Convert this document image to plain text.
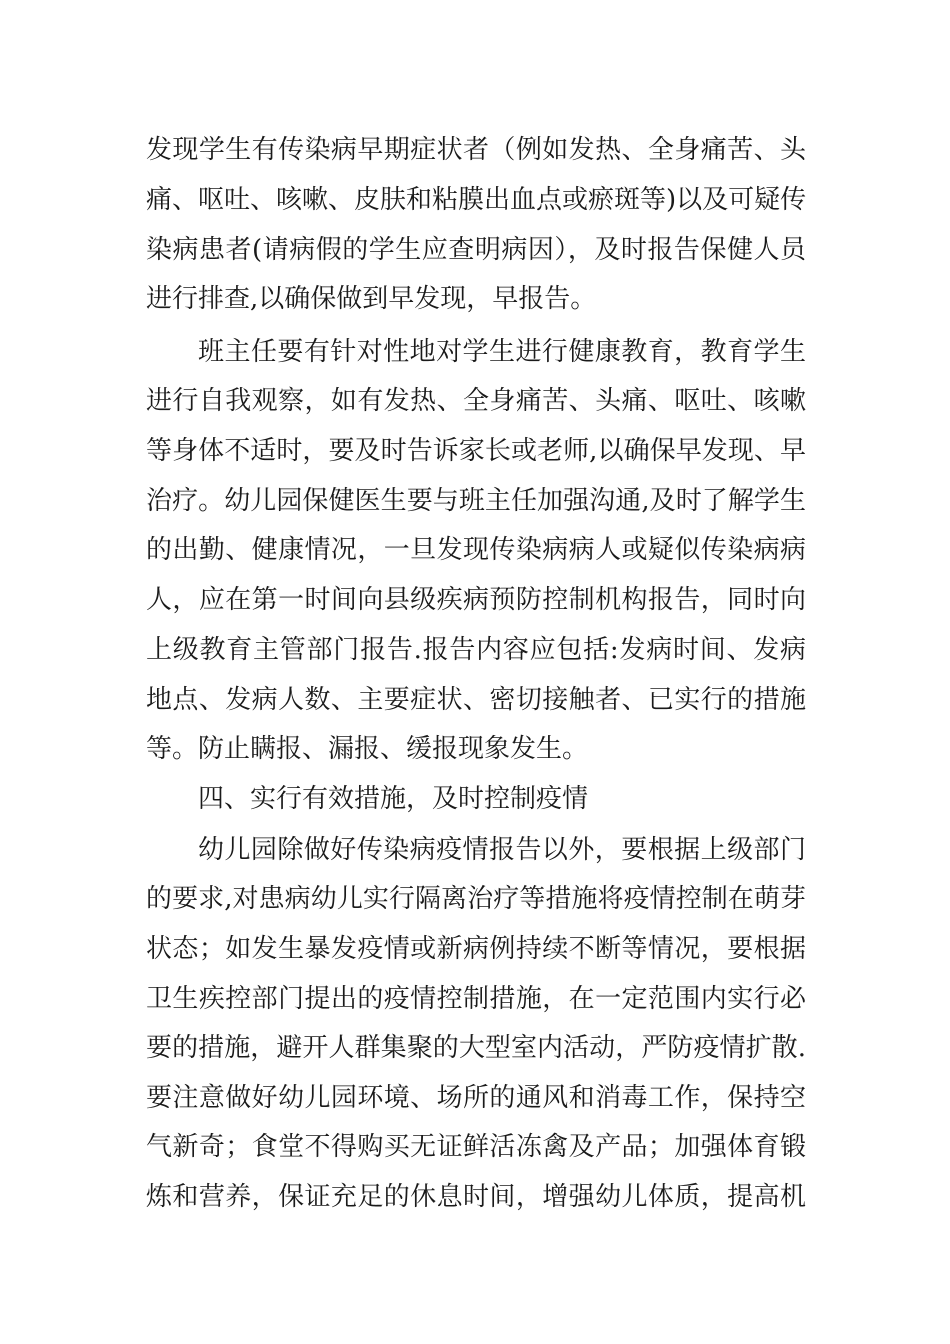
发现学生有传染病早期症状者（例如发热、全身痛苦、头
痛、呕吐、咳嗽、皮肤和粘膜出血点或瘀斑等)以及可疑传
染病患者(请病假的学生应查明病因），及时报告保健人员
进行排查,以确保做到早发现，早报告。
班主任要有针对性地对学生进行健康教育，教育学生
进行自我观察，如有发热、全身痛苦、头痛、呕吐、咳嗽
等身体不适时，要及时告诉家长或老师,以确保早发现、早
治疗。幼儿园保健医生要与班主任加强沟通,及时了解学生
的出勤、健康情况，一旦发现传染病病人或疑似传染病病
人，应在第一时间向县级疾病预防控制机构报告，同时向
上级教育主管部门报告.报告内容应包括:发病时间、发病
地点、发病人数、主要症状、密切接触者、已实行的措施
等。防止瞒报、漏报、缓报现象发生。
四、实行有效措施，及时控制疫情
幼儿园除做好传染病疫情报告以外，要根据上级部门
的要求,对患病幼儿实行隔离治疗等措施将疫情控制在萌芽
状态；如发生暴发疫情或新病例持续不断等情况，要根据
卫生疾控部门提出的疫情控制措施，在一定范围内实行必
要的措施，避开人群集聚的大型室内活动，严防疫情扩散.
要注意做好幼儿园环境、场所的通风和消毒工作，保持空
气新奇；食堂不得购买无证鲜活冻禽及产品；加强体育锻
炼和营养，保证充足的休息时间，增强幼儿体质，提高机
